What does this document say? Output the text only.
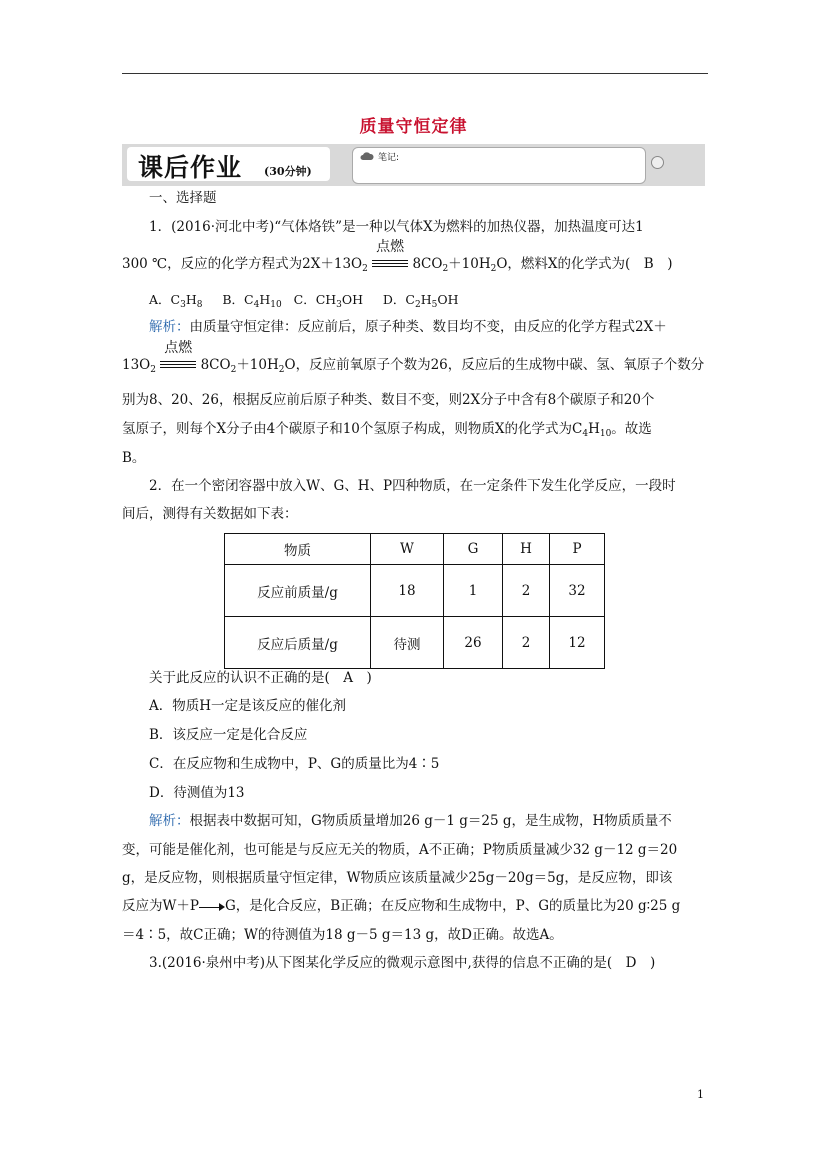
质量守恒定律
课后作业 (30分钟)
笔记:
一、选择题
1．(2016·河北中考)“气体烙铁”是一种以气体X为燃料的加热仪器，加热温度可达1
300 ℃，反应的化学方程式为$2X+13O_2$
点燃
$8CO_2+10H_2O$，燃料X的化学式为(　B　)
A．$C_3H_8$ B．$C_4H_{10}$ C．$CH_3OH$     D．$C_2H_5OH$
解析：由质量守恒定律：反应前后，原子种类、数目均不变，由反应的化学方程式2X＋
$13O_2$
点燃
$8CO_2+10H_2O$，反应前氧原子个数为26，反应后的生成物中碳、氢、氧原子个数分
别为8、20、26，根据反应前后原子种类、数目不变，则2X分子中含有8个碳原子和20个
氢原子，则每个X分子由4个碳原子和10个氢原子构成，则物质X的化学式为$C_4H_{10}$。故选
B。
2．在一个密闭容器中放入W、G、H、P四种物质，在一定条件下发生化学反应，一段时
间后，测得有关数据如下表：
物质	W	G	H	P
反应前质量/g	18	1	2	32
反应后质量/g	待测	26	2	12
关于此反应的认识不正确的是(　A　)
A．物质H一定是该反应的催化剂
B．该反应一定是化合反应
C．在反应物和生成物中，P、G的质量比为4∶5
D．待测值为13
解析：根据表中数据可知，G物质质量增加26 g－1 g＝25 g，是生成物，H物质质量不
变，可能是催化剂，也可能是与反应无关的物质，A不正确；P物质质量减少32 g－12 g＝20
g，是反应物，则根据质量守恒定律，W物质应该质量减少25g－20g＝5g，是反应物，即该
反应为W＋P G，是化合反应，B正确；在反应物和生成物中，P、G的质量比为20 g∶25 g
＝4∶5，故C正确；W的待测值为18 g－5 g＝13 g，故D正确。故选A。
3.(2016·泉州中考)从下图某化学反应的微观示意图中,获得的信息不正确的是(　D　)
1
